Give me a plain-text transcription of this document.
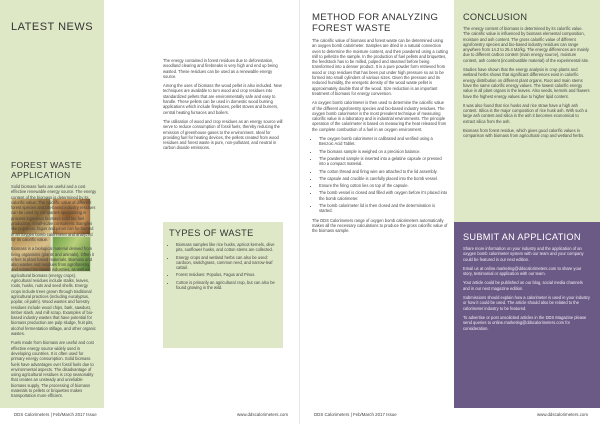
LATEST NEWS
FOREST WASTE APPLICATION

Solid biomass fuels are useful and a cost effective renewable energy source. The energy content of the biomass is determined by its calorific value. The calorific value of different forest species and bio-based industry residues can be used by companies specializing in process ingenious biomass solid bio fuel production, small-scale consumers. Samples like populous, fagus and pinus can be burned in an oxygen bomb calorimeter and analyzed for its calorific value.

Biomass is a biological material derived from living organisms (plants and animals). Often it refers to plant based materials. Biomass and also wastes and residues from agroforestry and related bio-based industries, as well as agricultural biomass (energy crops). Agricultural residues include stalks, leaves, roots, husks, nuts and seed shells. Energy crops include trees grown through traditional agricultural practices (including eucalyptus, poplar, oil palm). Wood wastes and forestry residues include wood chips, bark, sawdust, timber slash, and mill scrap. Examples of bio-based industry wastes that have potential for biomass production are pulp sludge, fruit pits, alcohol fermentation stillage, and other organic wastes.

Fuels made from biomass are useful and cost effective energy source widely used in developing countries. It is often used for primary energy consumption. Solid biomass fuels have advantages over fossil fuels due to environmental aspects. The disadvantage of using agricultural residues is crop seasonality that creates an unsteady and unreliable biomass supply. The processing of biomass materials to pellets or briquettes makes transportation more efficient.

The energy contained in forest residues due to deforestation, woodland clearing and firebreaks is very high and end up being wasted. These residues can be used as a renewable energy source.

Among the uses of biomass the wood pellet is also included. New techniques are available to turn wood and crop residues into standardized pellets that are environmentally safe and easy to handle. These pellets can be used in domestic wood burning applications which include fireplaces, pellet stoves and burners, central heating furnaces and boilers.

The utilisation of wood and crop residues as an energy source will serve to reduce consumption of fossil fuels, thereby reducing the emission of greenhouse gases to the environment. Ideal for providing fuel for heating devices, the pellets created from wood residues and forest waste is pure, non-pollutant, and neutral in carbon dioxide emissions.

TYPES OF WASTE
• Biomass samples like rice husks, apricot kernels, olive pits, sunflower husks, and cotton stems are collected.
• Energy crops and wetland herbs can also be used: cardoon, switchgrass, common reed, and narrow-leaf cattail.
• Forest residues: Populus, Fagus and Pinus.
• Cotton is primarily an agricultural crop, but can also be found growing in the wild.
DDS Calorimeters | Feb/March 2017 Issue	www.ddscalorimeters.com
METHOD FOR ANALYZING FOREST WASTE

The calorific value of biomass and forest waste can be determined using an oxygen bomb calorimeter. Samples are dried in a natural convection oven to determine the moisture content, and then powdered using a cutting mill to pelletize the sample. In the production of fuel pellets and briquettes, the feedstock has to be milled, pulped and steamed before being transformed into a denser product. It is a pure powder form retrieved from wood or crop residues that has been put under high pressure so as to be formed into small cylinders of various sizes. Given the pressure and its reduced humidity, the energetic density of the wood waste pellet is approximately double that of the wood. Size reduction is an important treatment of biomass for energy conversion.

An oxygen bomb calorimeter is then used to determine the calorific value of the different agroforestry species and bio-based industry residues. The oxygen bomb calorimeter is the most prevalent technique of measuring calorific value in a laboratory and in industrial environments. The principle operation of the calorimeter is based on measuring the heat released from the complete combustion of a fuel in an oxygen environment.

• The oxygen bomb calorimeter is calibrated and verified using a Benzoic Acid Tablet.
• The biomass sample is weighed on a precision balance.
• The powdered sample is inserted into a gelatine capsule or pressed into a compact material.
• The cotton thread and firing wire are attached to the lid assembly.
• The capsule and crucible is carefully placed into the bomb vessel.
• Ensure the firing cotton lies on top of the capsule.
• The bomb vessel is closed and filled with oxygen before it's placed into the bomb calorimeter.
• The bomb calorimeter lid is then closed and the determination is started.

The DDS Calorimeters range of oxygen bomb calorimeters automatically makes all the necessary calculations to produce the gross calorific value of the biomass sample.

CONCLUSION

The energy content of biomass is determined by its calorific value. The calorific value is influenced by biomass elemental composition, moisture and ash content. The gross calorific value of different agroforestry species and bio-based industry residues can range anywhere from 14.3 to 25.4 MJ/kg. The energy differences are mainly due to different carbon content (main energy source), moisture content, ash content (incombustible material) of the experimental site.

Studies have shown that the energy analysis in crop plants and wetland herbs shows that significant differences exist in calorific energy distribution on different plant organs. Root and main stems have the same calorific energy values. The lowest calorific energy value in all plant organs is the leaves. Also seeds, kernels and flowers have the highest energy values due to higher lipid content.

It was also found that rice husks and rice straw have a high ash content. Silica is the major composition of rice husk ash. With such a large ash content and silica in the ash it becomes economical to extract silica from the ash.

Biomass from forest residue, which gives good calorific values in comparison with biomass from agricultural crop and wetland herbs.

SUBMIT AN APPLICATION

Share more information on your industry and the application of an oxygen bomb calorimeter system with our team and your company could be featured in our next edition.

Email us at online.marketing@ddscalorimeters.com to share your story, testimonial or application with our team.

Your article could be published on our blog, social media channels and in our next magazine edition.

Submissions should explain how a calorimeter is used in your industry or how it could be used. The article should also be related to the calorimeter industry to be featured.

To advertise or post unsolicited articles in the DDS Magazine please send queries to online.marketing@ddscalorimeters.com for consideration.

DDS Calorimeters | Feb/March 2017 Issue	www.ddscalorimeters.com
